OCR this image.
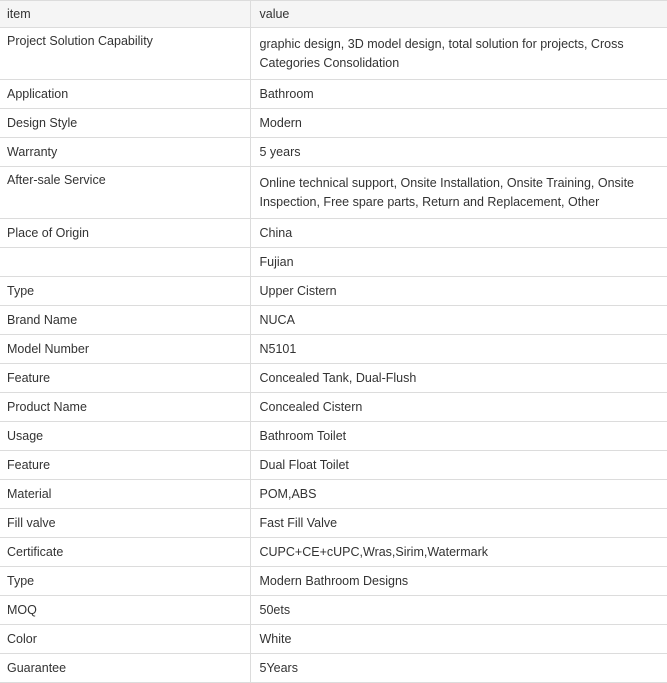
item	value
Project Solution Capability	graphic design, 3D model design, total solution for projects, Cross Categories Consolidation
Application	Bathroom
Design Style	Modern
Warranty	5 years
After-sale Service	Online technical support, Onsite Installation, Onsite Training, Onsite Inspection, Free spare parts, Return and Replacement, Other
Place of Origin	China
	Fujian
Type	Upper Cistern
Brand Name	NUCA
Model Number	N5101
Feature	Concealed Tank, Dual-Flush
Product Name	Concealed Cistern
Usage	Bathroom Toilet
Feature	Dual Float Toilet
Material	POM,ABS
Fill valve	Fast Fill Valve
Certificate	CUPC+CE+cUPC,Wras,Sirim,Watermark
Type	Modern Bathroom Designs
MOQ	50ets
Color	White
Guarantee	5Years
